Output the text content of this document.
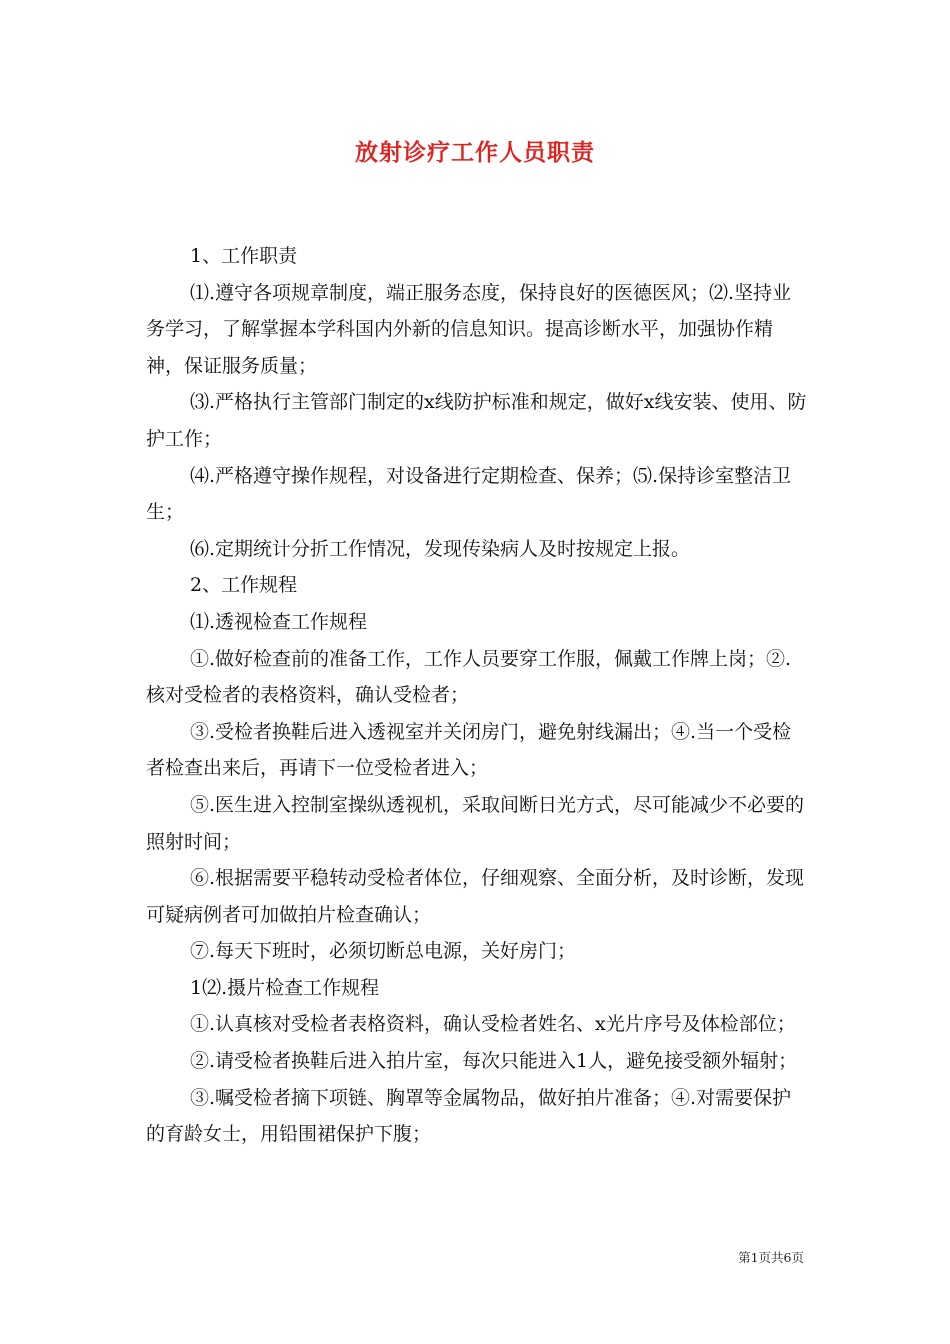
放射诊疗工作人员职责

1、工作职责

⑴.遵守各项规章制度，端正服务态度，保持良好的医德医风；⑵.坚持业务学习，了解掌握本学科国内外新的信息知识。提高诊断水平，加强协作精神，保证服务质量；

⑶.严格执行主管部门制定的x线防护标准和规定，做好x线安装、使用、防护工作；

⑷.严格遵守操作规程，对设备进行定期检查、保养；⑸.保持诊室整洁卫生；

⑹.定期统计分折工作情况，发现传染病人及时按规定上报。

2、工作规程

⑴.透视检查工作规程

①.做好检查前的准备工作，工作人员要穿工作服，佩戴工作牌上岗；②.核对受检者的表格资料，确认受检者；

③.受检者换鞋后进入透视室并关闭房门，避免射线漏出；④.当一个受检者检查出来后，再请下一位受检者进入；

⑤.医生进入控制室操纵透视机，采取间断日光方式，尽可能减少不必要的照射时间；

⑥.根据需要平稳转动受检者体位，仔细观察、全面分析，及时诊断，发现可疑病例者可加做拍片检查确认；

⑦.每天下班时，必须切断总电源，关好房门；

1⑵.摄片检查工作规程

①.认真核对受检者表格资料，确认受检者姓名、x光片序号及体检部位；

②.请受检者换鞋后进入拍片室，每次只能进入1人，避免接受额外辐射；

③.嘱受检者摘下项链、胸罩等金属物品，做好拍片准备；④.对需要保护的育龄女士，用铅围裙保护下腹；

第1页共6页
